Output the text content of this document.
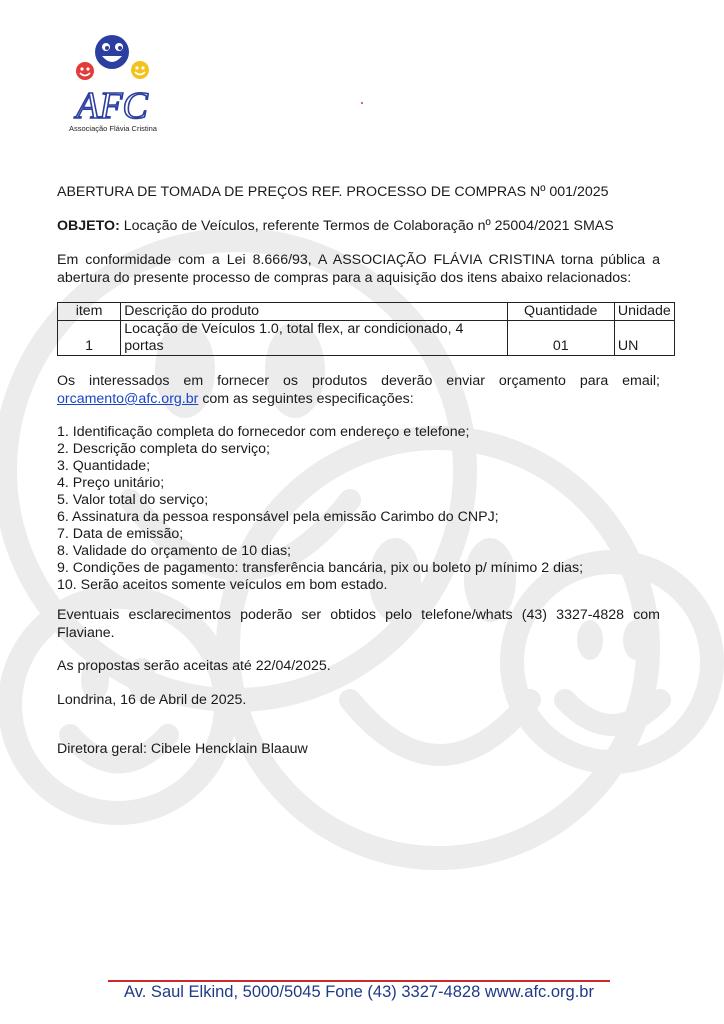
AFC
Associação Flávia Cristina
ABERTURA DE TOMADA DE PREÇOS REF. PROCESSO DE COMPRAS Nº 001/2025
OBJETO: Locação de Veículos, referente Termos de Colaboração nº 25004/2021 SMAS
Em conformidade com a Lei 8.666/93, A ASSOCIAÇÃO FLÁVIA CRISTINA torna pública a abertura do presente processo de compras para a aquisição dos itens abaixo relacionados:
item	Descrição do produto	Quantidade	Unidade
1	Locação de Veículos 1.0, total flex, ar condicionado, 4
portas	01	UN
Os interessados em fornecer os produtos deverão enviar orçamento para email; orcamento@afc.org.br com as seguintes especificações:
1. Identificação completa do fornecedor com endereço e telefone;
2. Descrição completa do serviço;
3. Quantidade;
4. Preço unitário;
5. Valor total do serviço;
6. Assinatura da pessoa responsável pela emissão Carimbo do CNPJ;
7. Data de emissão;
8. Validade do orçamento de 10 dias;
9. Condições de pagamento: transferência bancária, pix ou boleto p/ mínimo 2 dias;
10. Serão aceitos somente veículos em bom estado.
Eventuais esclarecimentos poderão ser obtidos pelo telefone/whats (43) 3327-4828 com Flaviane.
As propostas serão aceitas até 22/04/2025.
Londrina, 16 de Abril de 2025.
Diretora geral: Cibele Hencklain Blaauw
Av. Saul Elkind, 5000/5045 Fone (43) 3327-4828 www.afc.org.br
